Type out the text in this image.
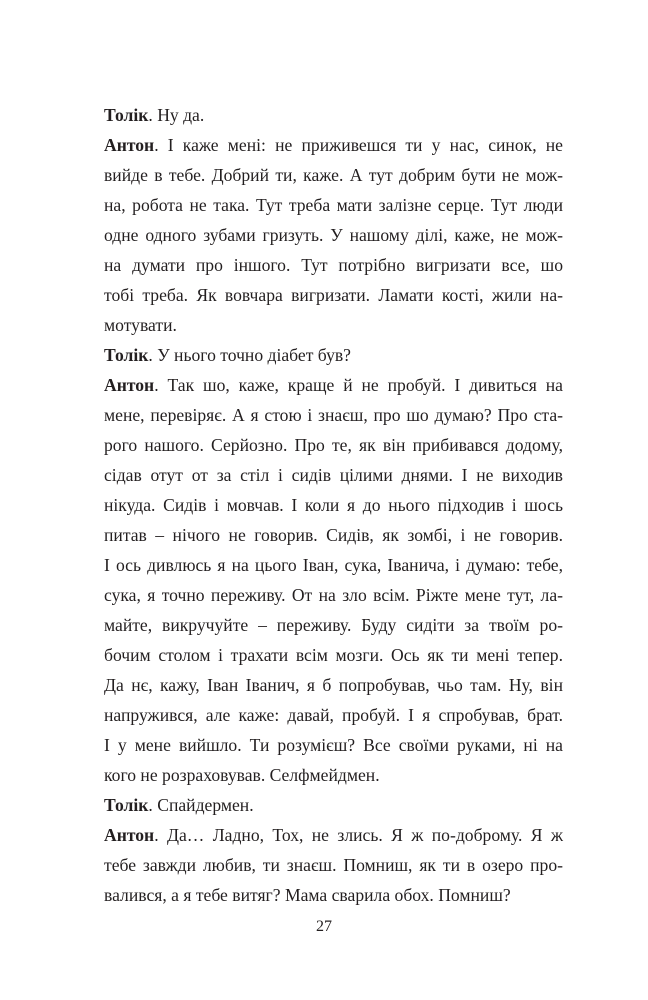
Толік. Ну да.
Антон. І каже мені: не приживешся ти у нас, синок, не
вийде в тебе. Добрий ти, каже. А тут добрим бути не мож-
на, робота не така. Тут треба мати залізне серце. Тут люди
одне одного зубами гризуть. У нашому ділі, каже, не мож-
на думати про іншого. Тут потрібно вигризати все, шо
тобі треба. Як вовчара вигризати. Ламати кості, жили на-
мотувати.
Толік. У нього точно діабет був?
Антон. Так шо, каже, краще й не пробуй. І дивиться на
мене, перевіряє. А я стою і знаєш, про шо думаю? Про ста-
рого нашого. Серйозно. Про те, як він прибивався додому,
сідав отут от за стіл і сидів цілими днями. І не виходив
нікуда. Сидів і мовчав. І коли я до нього підходив і шось
питав – нічого не говорив. Сидів, як зомбі, і не говорив.
І ось дивлюсь я на цього Іван, сука, Іванича, і думаю: тебе,
сука, я точно переживу. От на зло всім. Ріжте мене тут, ла-
майте, викручуйте – переживу. Буду сидіти за твоїм ро-
бочим столом і трахати всім мозги. Ось як ти мені тепер.
Да нє, кажу, Іван Іванич, я б попробував, чьо там. Ну, він
напружився, але каже: давай, пробуй. І я спробував, брат.
І у мене вийшло. Ти розумієш? Все своїми руками, ні на
кого не розраховував. Селфмейдмен.
Толік. Спайдермен.
Антон. Да… Ладно, Тох, не злись. Я ж по-доброму. Я ж
тебе завжди любив, ти знаєш. Помниш, як ти в озеро про-
валився, а я тебе витяг? Мама сварила обох. Помниш?
27
